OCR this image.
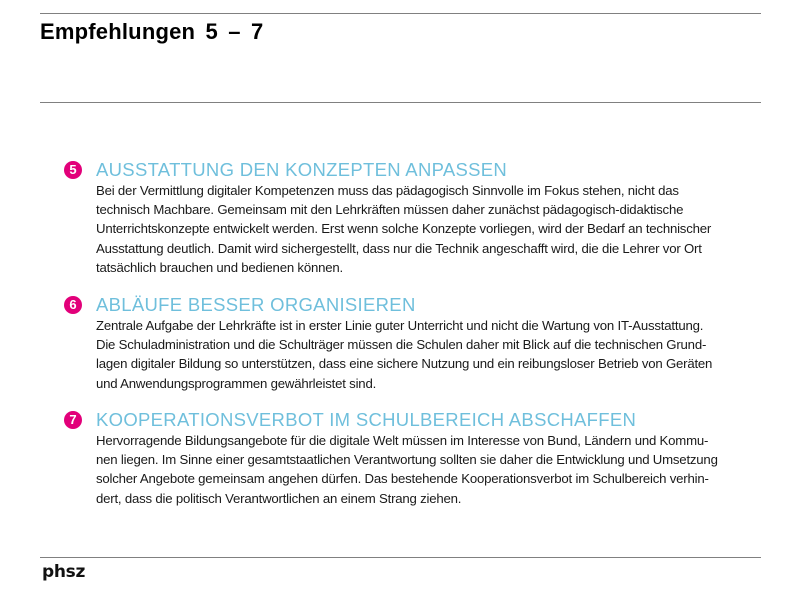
Empfehlungen 5 – 7
5 AUSSTATTUNG DEN KONZEPTEN ANPASSEN
Bei der Vermittlung digitaler Kompetenzen muss das pädagogisch Sinnvolle im Fokus stehen, nicht das
technisch Machbare. Gemeinsam mit den Lehrkräften müssen daher zunächst pädagogisch-didaktische
Unterrichtskonzepte entwickelt werden. Erst wenn solche Konzepte vorliegen, wird der Bedarf an technischer
Ausstattung deutlich. Damit wird sichergestellt, dass nur die Technik angeschafft wird, die die Lehrer vor Ort
tatsächlich brauchen und bedienen können.
6 ABLÄUFE BESSER ORGANISIEREN
Zentrale Aufgabe der Lehrkräfte ist in erster Linie guter Unterricht und nicht die Wartung von IT-Ausstattung.
Die Schuladministration und die Schulträger müssen die Schulen daher mit Blick auf die technischen Grund-
lagen digitaler Bildung so unterstützen, dass eine sichere Nutzung und ein reibungsloser Betrieb von Geräten
und Anwendungsprogrammen gewährleistet sind.
7 KOOPERATIONSVERBOT IM SCHULBEREICH ABSCHAFFEN
Hervorragende Bildungsangebote für die digitale Welt müssen im Interesse von Bund, Ländern und Kommu-
nen liegen. Im Sinne einer gesamtstaatlichen Verantwortung sollten sie daher die Entwicklung und Umsetzung
solcher Angebote gemeinsam angehen dürfen. Das bestehende Kooperationsverbot im Schulbereich verhin-
dert, dass die politisch Verantwortlichen an einem Strang ziehen.
phsz
